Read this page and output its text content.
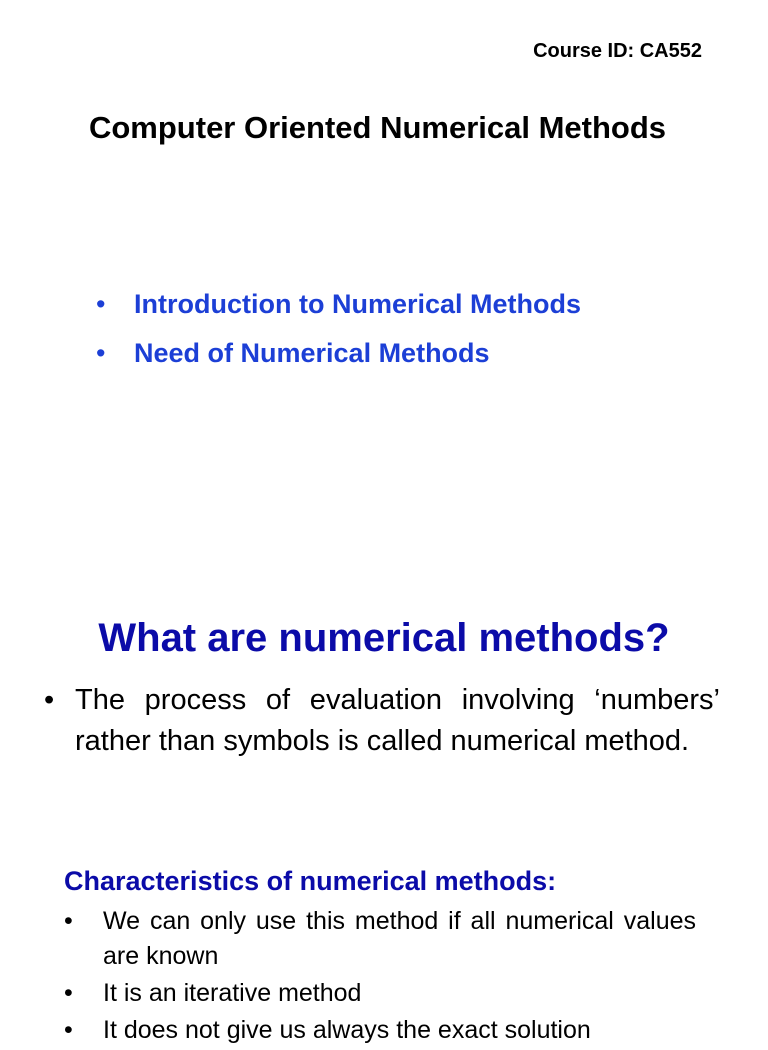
Course ID: CA552
Computer Oriented Numerical Methods
• Introduction to Numerical Methods
• Need of Numerical Methods
What are numerical methods?
• The process of evaluation involving ‘numbers’ rather than symbols is called numerical method.
Characteristics of numerical methods:
• We can only use this method if all numerical values are known
• It is an iterative method
• It does not give us always the exact solution
